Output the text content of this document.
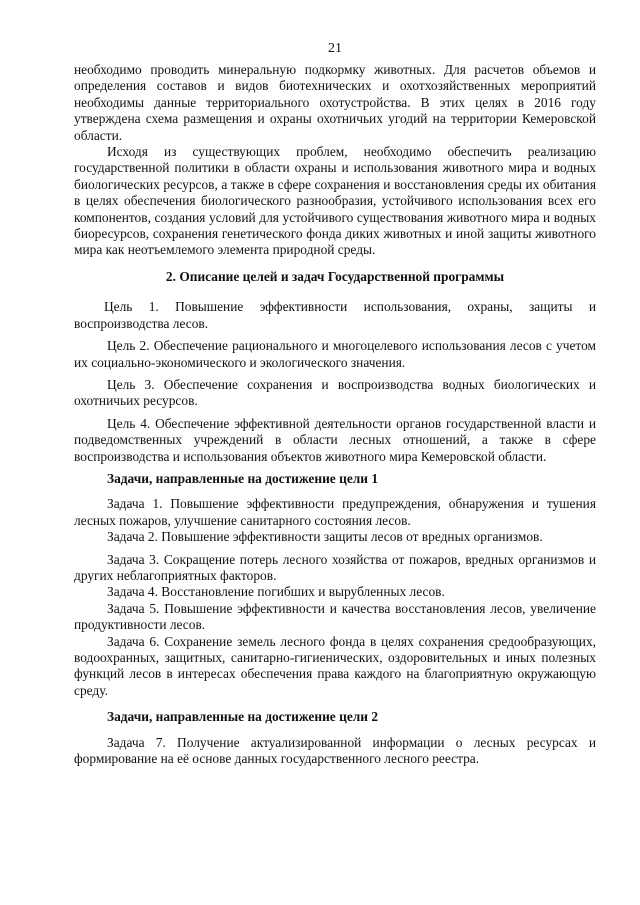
21

необходимо проводить минеральную подкормку животных. Для расчетов объемов и определения составов и видов биотехнических и охотхозяйственных мероприятий необходимы данные территориального охотустройства. В этих целях в 2016 году утверждена схема размещения и охраны охотничьих угодий на территории Кемеровской области.

Исходя из существующих проблем, необходимо обеспечить реализацию государственной политики в области охраны и использования животного мира и водных биологических ресурсов, а также в сфере сохранения и восстановления среды их обитания в целях обеспечения биологического разнообразия, устойчивого использования всех его компонентов, создания условий для устойчивого существования животного мира и водных биоресурсов, сохранения генетического фонда диких животных и иной защиты животного мира как неотъемлемого элемента природной среды.

2. Описание целей и задач Государственной программы

Цель 1. Повышение эффективности использования, охраны, защиты и воспроизводства лесов.

Цель 2. Обеспечение рационального и многоцелевого использования лесов с учетом их социально-экономического и экологического значения.

Цель 3. Обеспечение сохранения и воспроизводства водных биологических и охотничьих ресурсов.

Цель 4. Обеспечение эффективной деятельности органов государственной власти и подведомственных учреждений в области лесных отношений, а также в сфере воспроизводства и использования объектов животного мира Кемеровской области.

Задачи, направленные на достижение цели 1

Задача 1. Повышение эффективности предупреждения, обнаружения и тушения лесных пожаров, улучшение санитарного состояния лесов.

Задача 2. Повышение эффективности защиты лесов от вредных организмов.

Задача 3. Сокращение потерь лесного хозяйства от пожаров, вредных организмов и других неблагоприятных факторов.

Задача 4. Восстановление погибших и вырубленных лесов.

Задача 5. Повышение эффективности и качества восстановления лесов, увеличение продуктивности лесов.

Задача 6. Сохранение земель лесного фонда в целях сохранения средообразующих, водоохранных, защитных, санитарно-гигиенических, оздоровительных и иных полезных функций лесов в интересах обеспечения права каждого на благоприятную окружающую среду.

Задачи, направленные на достижение цели 2

Задача 7. Получение актуализированной информации о лесных ресурсах и формирование на её основе данных государственного лесного реестра.
